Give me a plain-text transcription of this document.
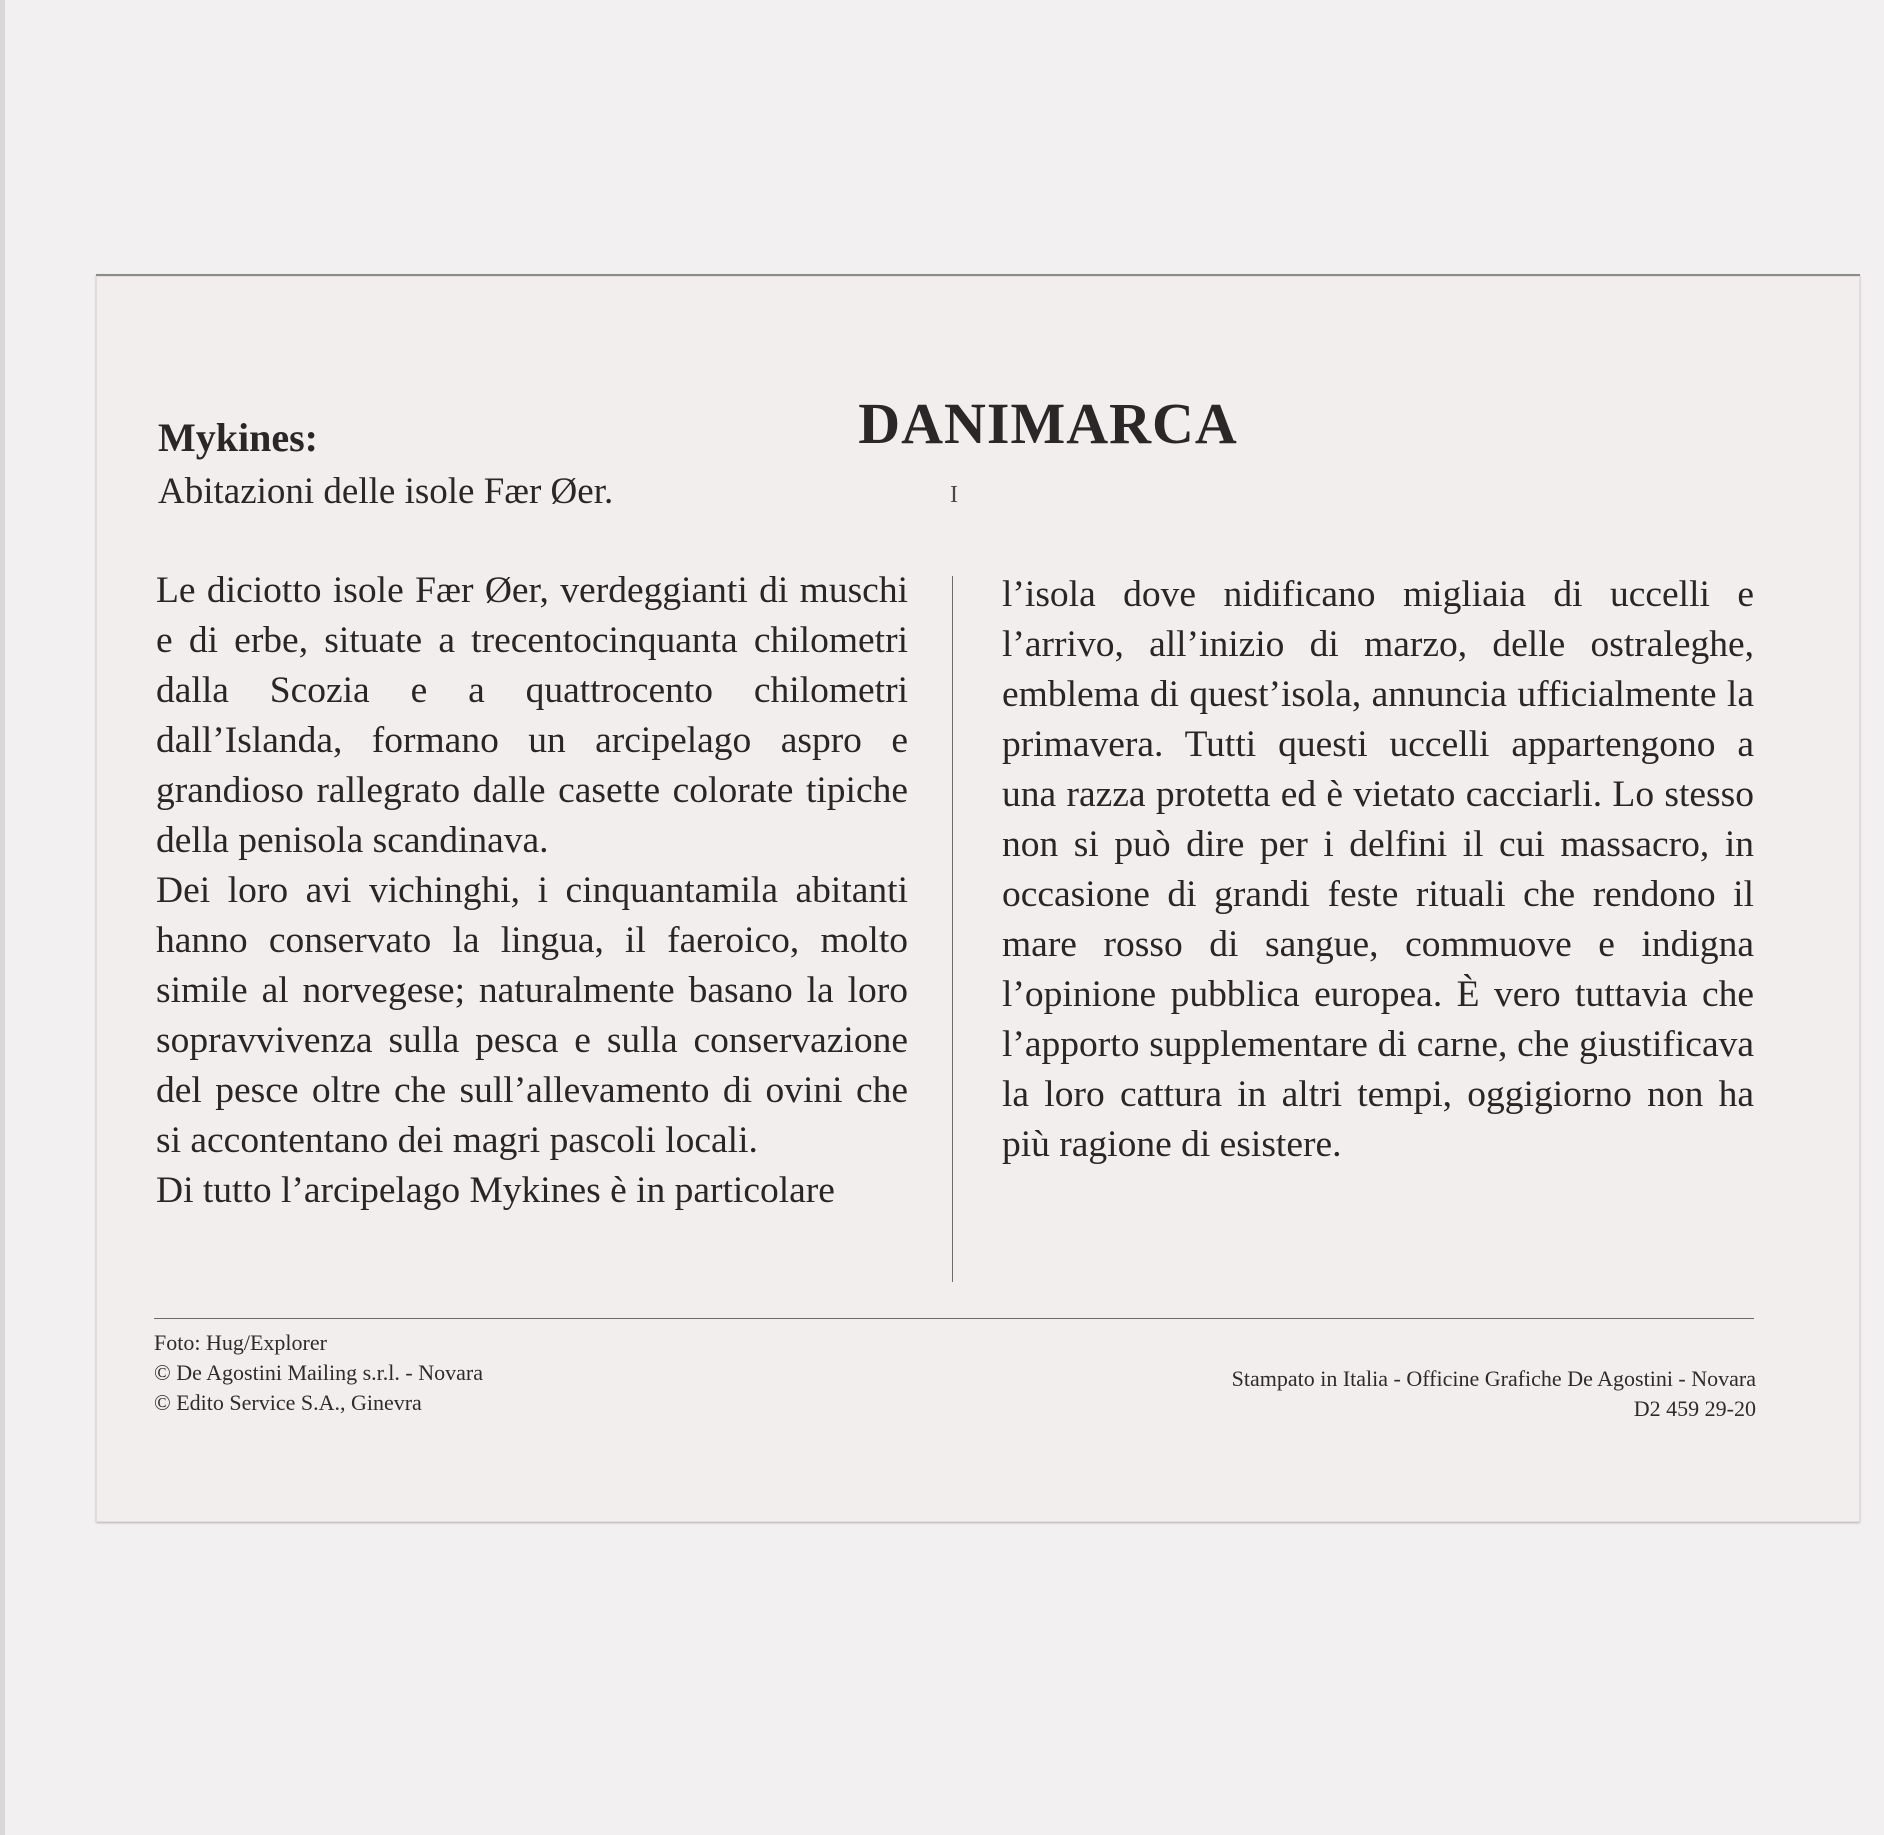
DANIMARCA
Mykines:

Abitazioni delle isole Fær Øer.	I

Le diciotto isole Fær Øer, verdeggianti di muschi e di erbe, situate a trecentocinquanta chilometri dalla Scozia e a quattrocento chilometri dall’Islanda, formano un arcipelago aspro e grandioso rallegrato dalle casette colorate tipiche della penisola scandinava.

Dei loro avi vichinghi, i cinquantamila abitanti hanno conservato la lingua, il faeroico, molto simile al norvegese; naturalmente basano la loro sopravvivenza sulla pesca e sulla conservazione del pesce oltre che sull’allevamento di ovini che si accontentano dei magri pascoli locali.

Di tutto l’arcipelago Mykines è in particolare

l’isola dove nidificano migliaia di uccelli e l’arrivo, all’inizio di marzo, delle ostraleghe, emblema di quest’isola, annuncia ufficialmente la primavera. Tutti questi uccelli appartengono a una razza protetta ed è vietato cacciarli. Lo stesso non si può dire per i delfini il cui massacro, in occasione di grandi feste rituali che rendono il mare rosso di sangue, commuove e indigna l’opinione pubblica europea. È vero tuttavia che l’apporto supplementare di carne, che giustificava la loro cattura in altri tempi, oggigiorno non ha più ragione di esistere.

Foto: Hug/Explorer
© De Agostini Mailing s.r.l. - Novara
© Edito Service S.A., Ginevra
Stampato in Italia - Officine Grafiche De Agostini - Novara
D2 459 29-20
